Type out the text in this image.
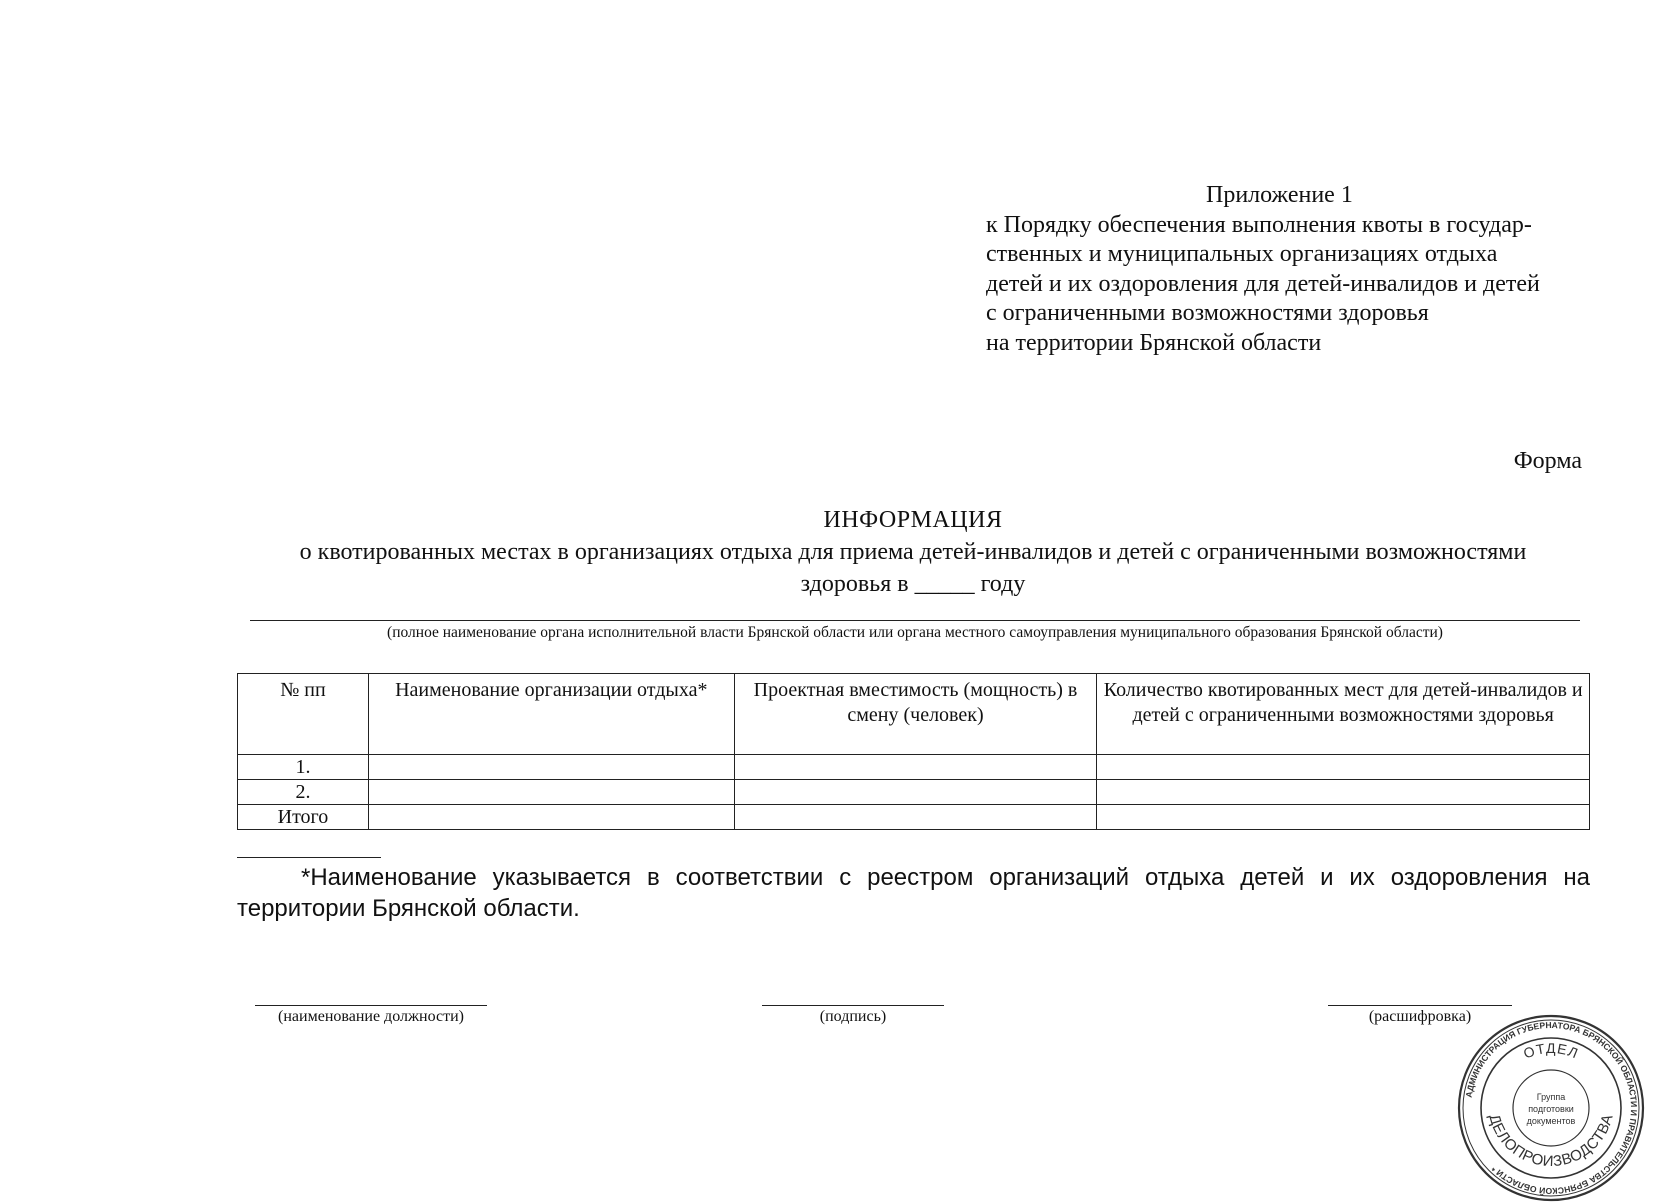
Приложение 1
к Порядку обеспечения выполнения квоты в государ-
ственных и муниципальных организациях отдыха
детей и их оздоровления для детей-инвалидов и детей
с ограниченными возможностями здоровья
на территории Брянской области
Форма
ИНФОРМАЦИЯ
о квотированных местах в организациях отдыха для приема детей-инвалидов и детей с ограниченными возможностями
здоровья в _____ году
(полное наименование органа исполнительной власти Брянской области или органа местного самоуправления муниципального образования Брянской области)
№ пп	Наименование организации отдыха*	Проектная вместимость (мощность) в смену (человек)	Количество квотированных мест для детей-инвалидов и детей с ограниченными возможностями здоровья
1.			
2.			
Итого			
*Наименование указывается в соответствии с реестром организаций отдыха детей и их оздоровления на территории Брянской области.
(наименование должности)	(подпись)	(расшифровка)
АДМИНИСТРАЦИЯ ГУБЕРНАТОРА БРЯНСКОЙ ОБЛАСТИ И ПРАВИТЕЛЬСТВА БРЯНСКОЙ ОБЛАСТИ *
ОТДЕЛ
ДЕЛОПРОИЗВОДСТВА
Группа
подготовки
документов
